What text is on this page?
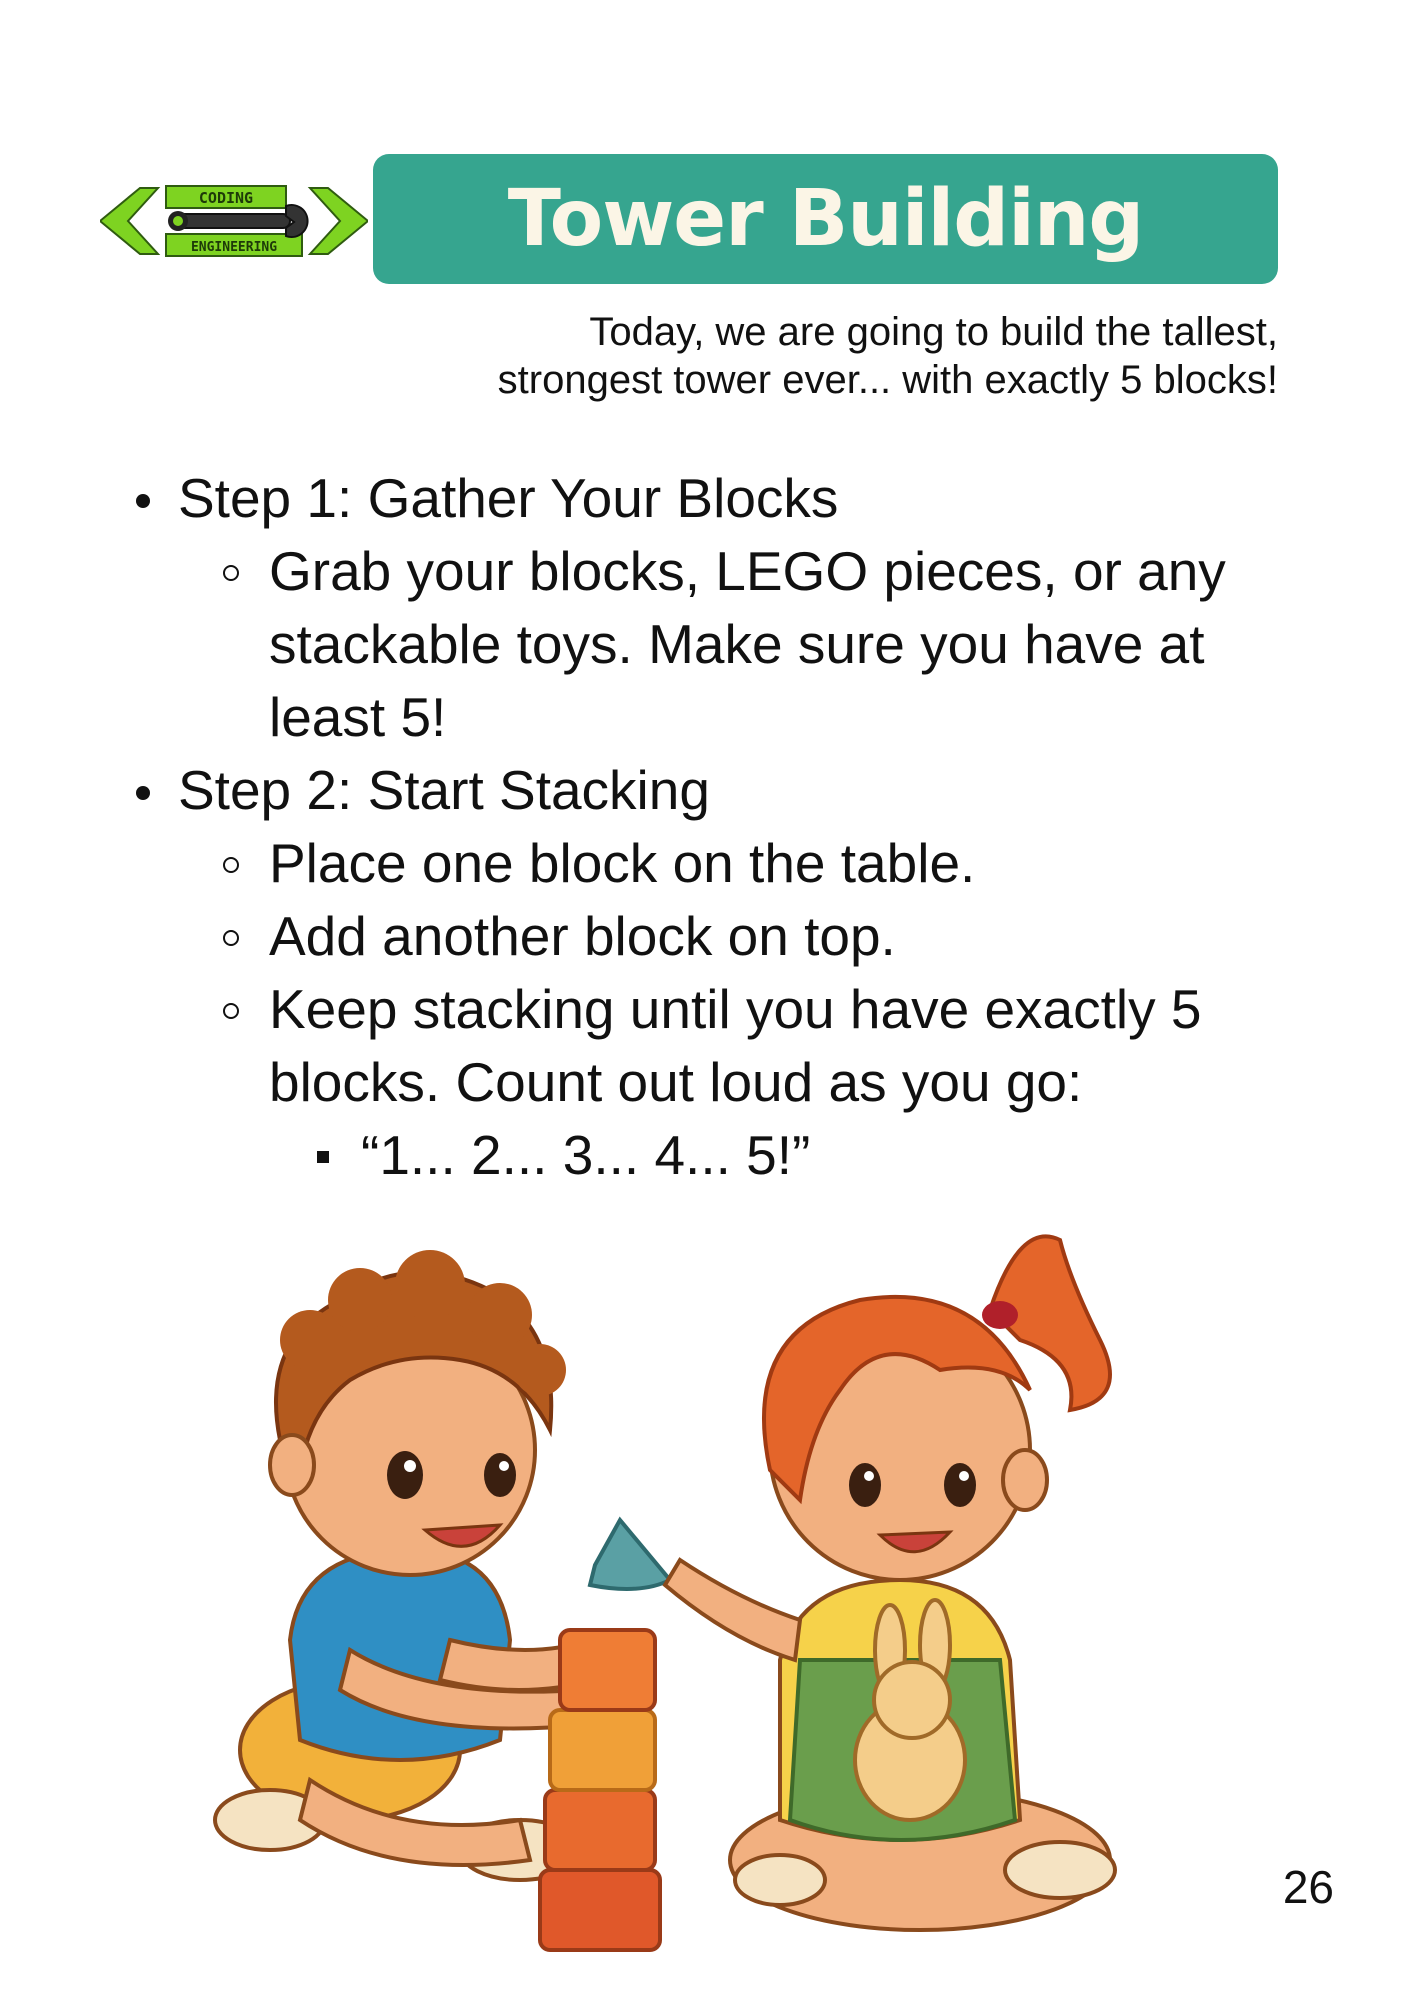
CODING
ENGINEERING	Tower Building
Today, we are going to build the tallest,
strongest tower ever... with exactly 5 blocks!
Step 1: Gather Your Blocks
Grab your blocks, LEGO pieces, or any stackable toys. Make sure you have at least 5!
Step 2: Start Stacking
Place one block on the table.
Add another block on top.
Keep stacking until you have exactly 5 blocks. Count out loud as you go:
“1... 2... 3... 4... 5!”
26
